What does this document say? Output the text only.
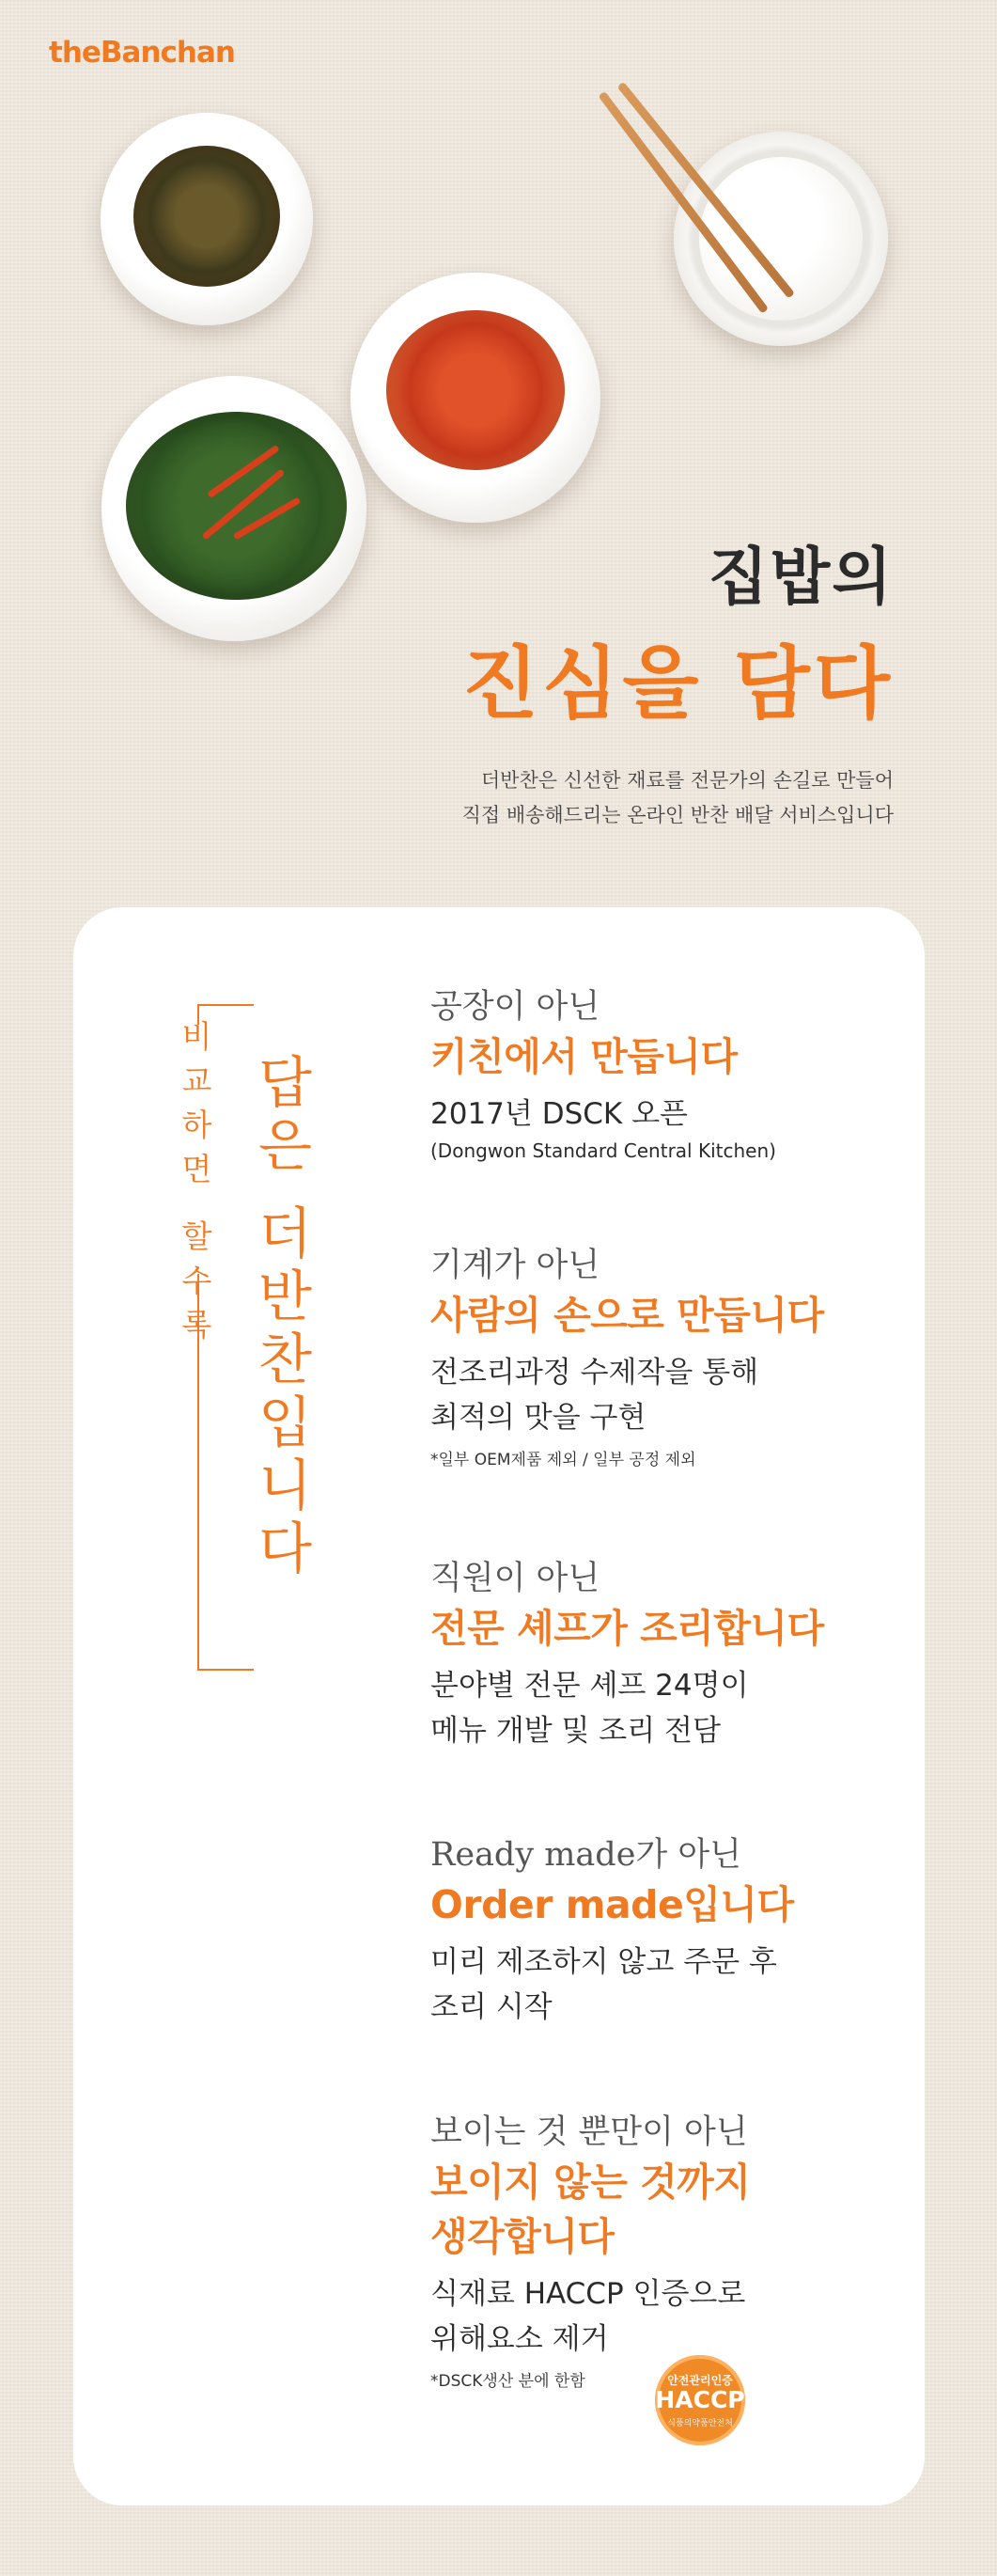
theBanchan
집밥의
진심을 담다
더반찬은 신선한 재료를 전문가의 손길로 만들어
직접 배송해드리는 온라인 반찬 배달 서비스입니다
비교하면 할수록 답은 더반찬입니다

공장이 아닌

키친에서 만듭니다

2017년 DSCK 오픈

(Dongwon Standard Central Kitchen)

기계가 아닌

사람의 손으로 만듭니다

전조리과정 수제작을 통해
최적의 맛을 구현

*일부 OEM제품 제외 / 일부 공정 제외

직원이 아닌

전문 셰프가 조리합니다

분야별 전문 셰프 24명이
메뉴 개발 및 조리 전담

Ready made가 아닌

Order made입니다

미리 제조하지 않고 주문 후
조리 시작

보이는 것 뿐만이 아닌

보이지 않는 것까지

생각합니다

식재료 HACCP 인증으로
위해요소 제거

*DSCK생산 분에 한함	안전관리인증
HACCP
식품의약품안전처
